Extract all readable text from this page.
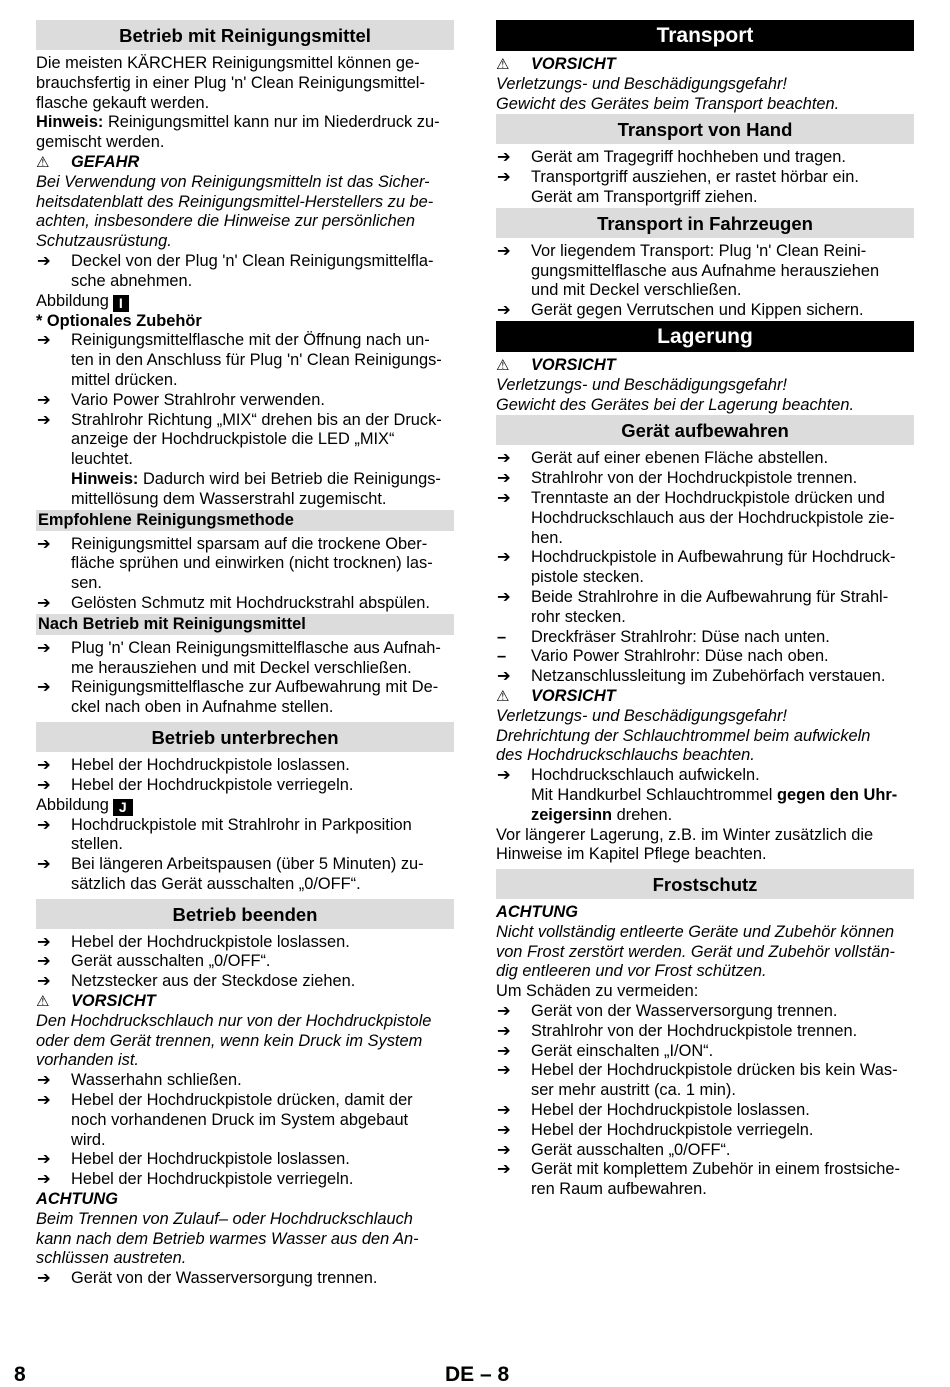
Betrieb mit Reinigungsmittel
Die meisten KÄRCHER Reinigungsmittel können ge-
brauchsfertig in einer Plug 'n' Clean Reinigungsmittel-
flasche gekauft werden.
Hinweis: Reinigungsmittel kann nur im Niederdruck zu-
gemischt werden.
⚠ GEFAHR
Bei Verwendung von Reinigungsmitteln ist das Sicher-
heitsdatenblatt des Reinigungsmittel-Herstellers zu be-
achten, insbesondere die Hinweise zur persönlichen
Schutzausrüstung.
➔ Deckel von der Plug 'n' Clean Reinigungsmittelfla-
sche abnehmen.
Abbildung I
* Optionales Zubehör
➔ Reinigungsmittelflasche mit der Öffnung nach un-
ten in den Anschluss für Plug 'n' Clean Reinigungs-
mittel drücken.
➔ Vario Power Strahlrohr verwenden.
➔ Strahlrohr Richtung „MIX“ drehen bis an der Druck-
anzeige der Hochdruckpistole die LED „MIX“
leuchtet.
Hinweis: Dadurch wird bei Betrieb die Reinigungs-
mittellösung dem Wasserstrahl zugemischt.
Empfohlene Reinigungsmethode
➔ Reinigungsmittel sparsam auf die trockene Ober-
fläche sprühen und einwirken (nicht trocknen) las-
sen.
➔ Gelösten Schmutz mit Hochdruckstrahl abspülen.
Nach Betrieb mit Reinigungsmittel
➔ Plug 'n' Clean Reinigungsmittelflasche aus Aufnah-
me herausziehen und mit Deckel verschließen.
➔ Reinigungsmittelflasche zur Aufbewahrung mit De-
ckel nach oben in Aufnahme stellen.
Betrieb unterbrechen
➔ Hebel der Hochdruckpistole loslassen.
➔ Hebel der Hochdruckpistole verriegeln.
Abbildung J
➔ Hochdruckpistole mit Strahlrohr in Parkposition
stellen.
➔ Bei längeren Arbeitspausen (über 5 Minuten) zu-
sätzlich das Gerät ausschalten „0/OFF“.
Betrieb beenden
➔ Hebel der Hochdruckpistole loslassen.
➔ Gerät ausschalten „0/OFF“.
➔ Netzstecker aus der Steckdose ziehen.
⚠ VORSICHT
Den Hochdruckschlauch nur von der Hochdruckpistole
oder dem Gerät trennen, wenn kein Druck im System
vorhanden ist.
➔ Wasserhahn schließen.
➔ Hebel der Hochdruckpistole drücken, damit der
noch vorhandenen Druck im System abgebaut
wird.
➔ Hebel der Hochdruckpistole loslassen.
➔ Hebel der Hochdruckpistole verriegeln.
ACHTUNG
Beim Trennen von Zulauf– oder Hochdruckschlauch
kann nach dem Betrieb warmes Wasser aus den An-
schlüssen austreten.
➔ Gerät von der Wasserversorgung trennen.
Transport
⚠ VORSICHT
Verletzungs- und Beschädigungsgefahr!
Gewicht des Gerätes beim Transport beachten.
Transport von Hand
➔ Gerät am Tragegriff hochheben und tragen.
➔ Transportgriff ausziehen, er rastet hörbar ein.
Gerät am Transportgriff ziehen.
Transport in Fahrzeugen
➔ Vor liegendem Transport: Plug 'n' Clean Reini-
gungsmittelflasche aus Aufnahme herausziehen
und mit Deckel verschließen.
➔ Gerät gegen Verrutschen und Kippen sichern.
Lagerung
⚠ VORSICHT
Verletzungs- und Beschädigungsgefahr!
Gewicht des Gerätes bei der Lagerung beachten.
Gerät aufbewahren
➔ Gerät auf einer ebenen Fläche abstellen.
➔ Strahlrohr von der Hochdruckpistole trennen.
➔ Trenntaste an der Hochdruckpistole drücken und
Hochdruckschlauch aus der Hochdruckpistole zie-
hen.
➔ Hochdruckpistole in Aufbewahrung für Hochdruck-
pistole stecken.
➔ Beide Strahlrohre in die Aufbewahrung für Strahl-
rohr stecken.
– Dreckfräser Strahlrohr: Düse nach unten.
– Vario Power Strahlrohr: Düse nach oben.
➔ Netzanschlussleitung im Zubehörfach verstauen.
⚠ VORSICHT
Verletzungs- und Beschädigungsgefahr!
Drehrichtung der Schlauchtrommel beim aufwickeln
des Hochdruckschlauchs beachten.
➔ Hochdruckschlauch aufwickeln.
Mit Handkurbel Schlauchtrommel gegen den Uhr-
zeigersinn drehen.
Vor längerer Lagerung, z.B. im Winter zusätzlich die
Hinweise im Kapitel Pflege beachten.
Frostschutz
ACHTUNG
Nicht vollständig entleerte Geräte und Zubehör können
von Frost zerstört werden. Gerät und Zubehör vollstän-
dig entleeren und vor Frost schützen.
Um Schäden zu vermeiden:
➔ Gerät von der Wasserversorgung trennen.
➔ Strahlrohr von der Hochdruckpistole trennen.
➔ Gerät einschalten „I/ON“.
➔ Hebel der Hochdruckpistole drücken bis kein Was-
ser mehr austritt (ca. 1 min).
➔ Hebel der Hochdruckpistole loslassen.
➔ Hebel der Hochdruckpistole verriegeln.
➔ Gerät ausschalten „0/OFF“.
➔ Gerät mit komplettem Zubehör in einem frostsiche-
ren Raum aufbewahren.
8	DE – 8
